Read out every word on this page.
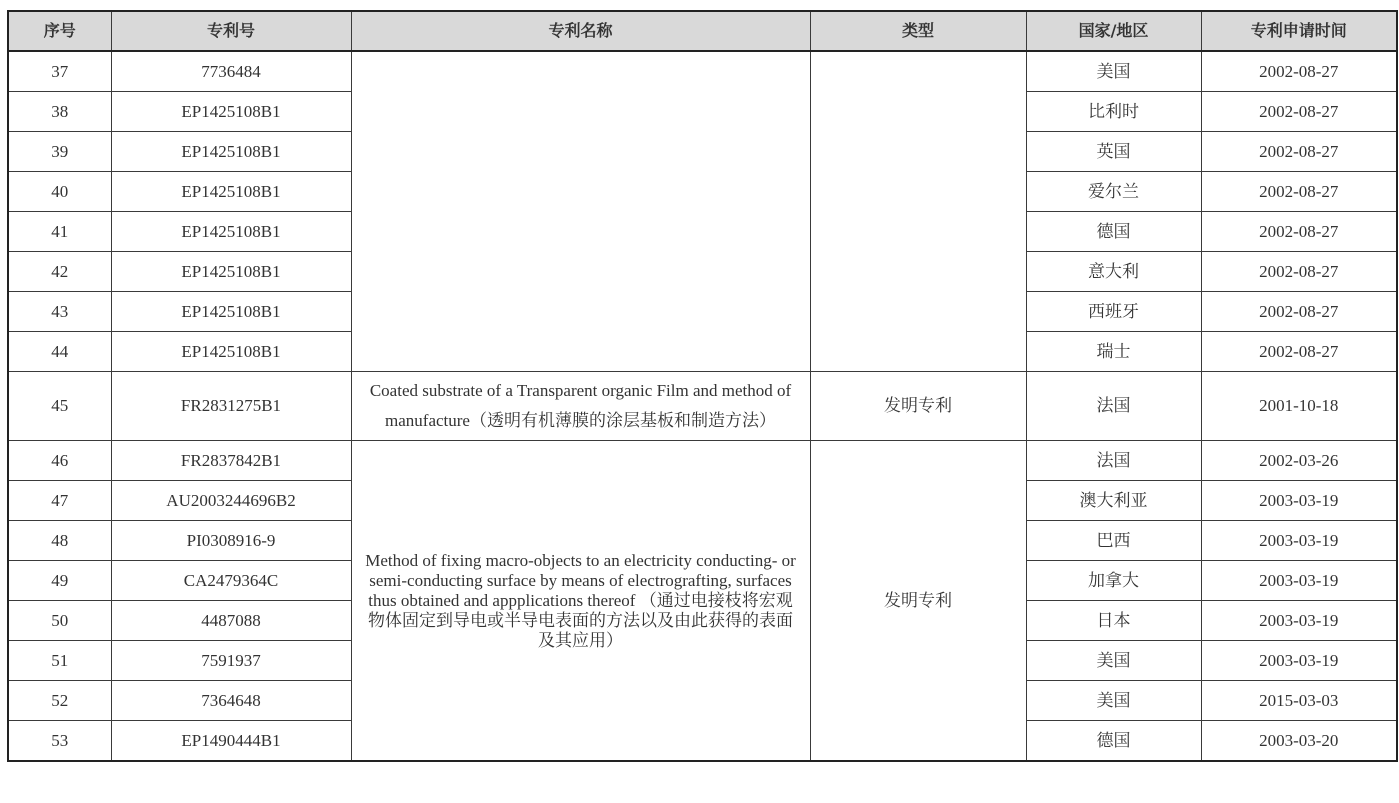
序号	专利号	专利名称	类型	国家/地区	专利申请时间
37	7736484			美国	2002-08-27
38	EP1425108B1			比利时	2002-08-27
39	EP1425108B1			英国	2002-08-27
40	EP1425108B1			爱尔兰	2002-08-27
41	EP1425108B1			德国	2002-08-27
42	EP1425108B1			意大利	2002-08-27
43	EP1425108B1			西班牙	2002-08-27
44	EP1425108B1			瑞士	2002-08-27
45	FR2831275B1	Coated substrate of a Transparent organic Film and method of manufacture（透明有机薄膜的涂层基板和制造方法）	发明专利	法国	2001-10-18
46	FR2837842B1	Method of fixing macro-objects to an electricity conducting- or semi-conducting surface by means of electrografting, surfaces thus obtained and appplications thereof （通过电接枝将宏观物体固定到导电或半导电表面的方法以及由此获得的表面及其应用）	发明专利	法国	2002-03-26
47	AU2003244696B2			澳大利亚	2003-03-19
48	PI0308916-9			巴西	2003-03-19
49	CA2479364C			加拿大	2003-03-19
50	4487088			日本	2003-03-19
51	7591937			美国	2003-03-19
52	7364648			美国	2015-03-03
53	EP1490444B1			德国	2003-03-20
